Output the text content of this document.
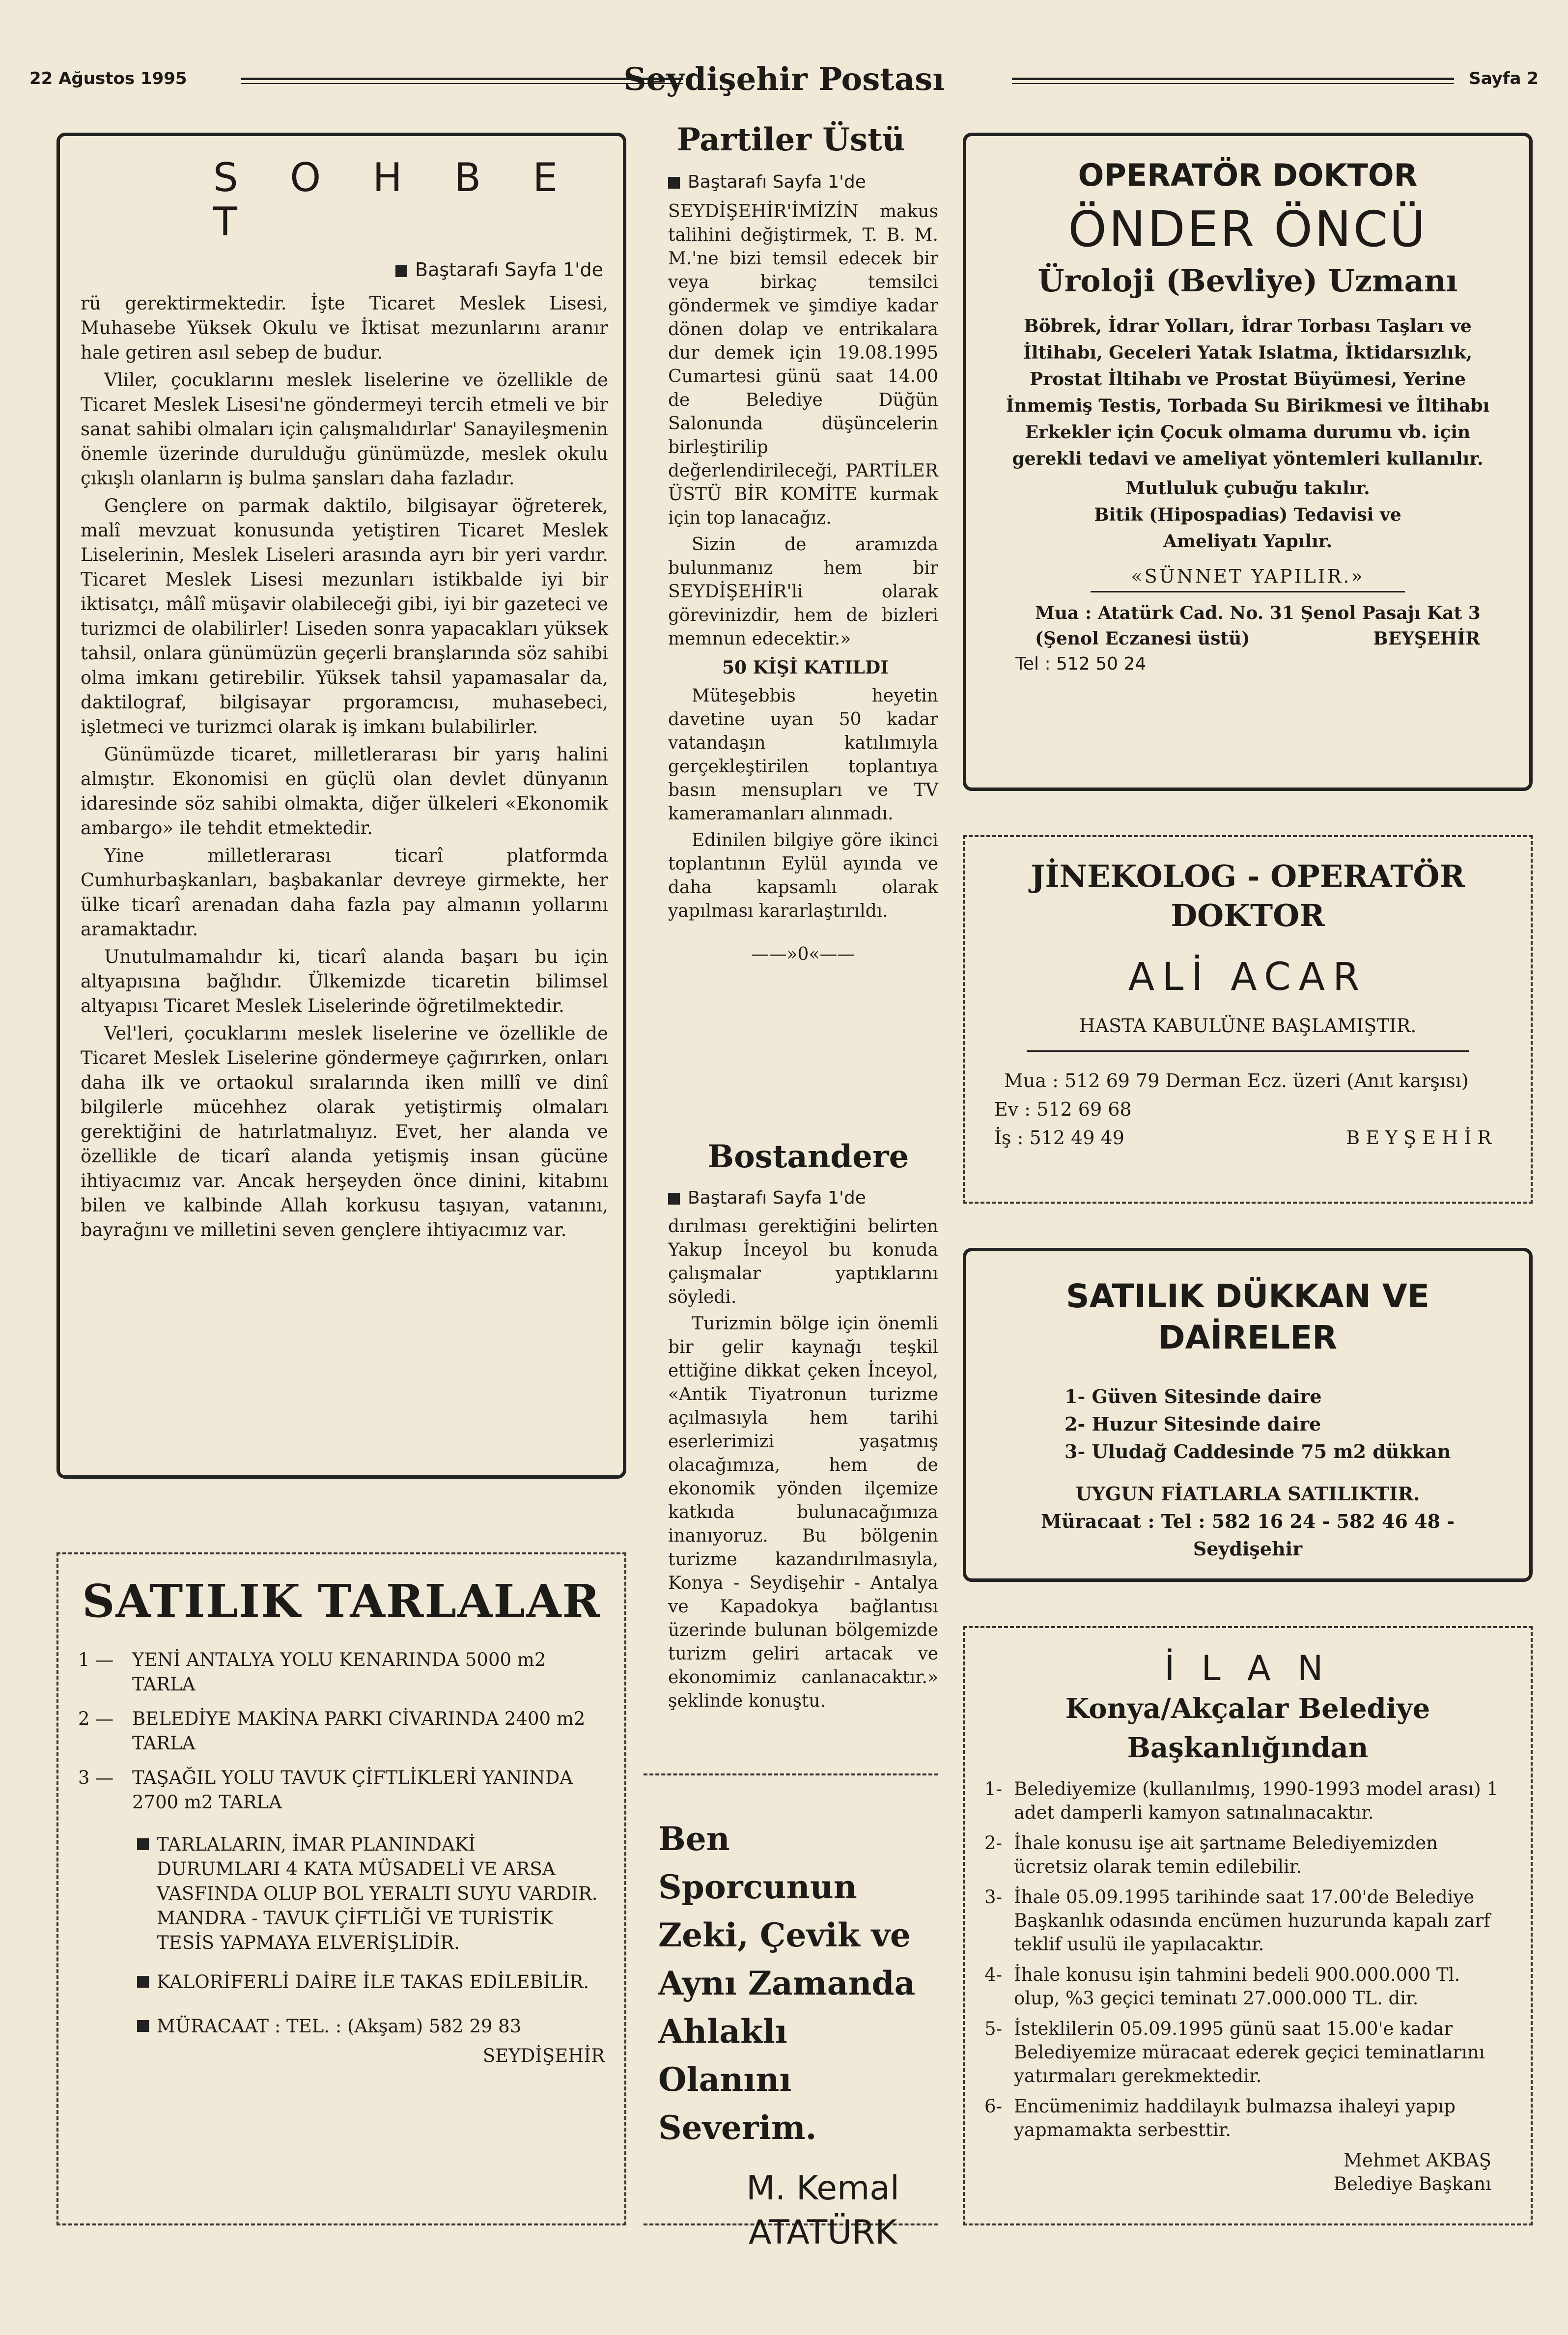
22 Ağustos 1995	Seydişehir Postası	Sayfa 2
S O H B E T
Baştarafı Sayfa 1'de

rü gerektirmektedir. İşte Ticaret Meslek Lisesi, Muhasebe Yüksek Okulu ve İktisat mezunlarını aranır hale getiren asıl sebep de budur.

Vliler, çocuklarını meslek liselerine ve özellikle de Ticaret Meslek Lisesi'ne göndermeyi tercih etmeli ve bir sanat sahibi olmaları için çalışmalıdırlar' Sanayileşmenin önemle üzerinde durulduğu günümüzde, meslek okulu çıkışlı olanların iş bulma şansları daha fazladır.

Gençlere on parmak daktilo, bilgisayar öğreterek, malî mevzuat konusunda yetiştiren Ticaret Meslek Liselerinin, Meslek Liseleri arasında ayrı bir yeri vardır. Ticaret Meslek Lisesi mezunları istikbalde iyi bir iktisatçı, mâlî müşavir olabileceği gibi, iyi bir gazeteci ve turizmci de olabilirler! Liseden sonra yapacakları yüksek tahsil, onlara günümüzün geçerli branşlarında söz sahibi olma imkanı getirebilir. Yüksek tahsil yapamasalar da, daktilograf, bilgisayar prgoramcısı, muhasebeci, işletmeci ve turizmci olarak iş imkanı bulabilirler.

Günümüzde ticaret, milletlerarası bir yarış halini almıştır. Ekonomisi en güçlü olan devlet dünyanın idaresinde söz sahibi olmakta, diğer ülkeleri «Ekonomik ambargo» ile tehdit etmektedir.

Yine milletlerarası ticarî platformda Cumhurbaşkanları, başbakanlar devreye girmekte, her ülke ticarî arenadan daha fazla pay almanın yollarını aramaktadır.

Unutulmamalıdır ki, ticarî alanda başarı bu için altyapısına bağlıdır. Ülkemizde ticaretin bilimsel altyapısı Ticaret Meslek Liselerinde öğretilmektedir.

Vel'leri, çocuklarını meslek liselerine ve özellikle de Ticaret Meslek Liselerine göndermeye çağırırken, onları daha ilk ve ortaokul sıralarında iken millî ve dinî bilgilerle mücehhez olarak yetiştirmiş olmaları gerektiğini de hatırlatmalıyız. Evet, her alanda ve özellikle de ticarî alanda yetişmiş insan gücüne ihtiyacımız var. Ancak herşeyden önce dinini, kitabını bilen ve kalbinde Allah korkusu taşıyan, vatanını, bayrağını ve milletini seven gençlere ihtiyacımız var.

SATILIK TARLALAR
1 —	YENİ ANTALYA YOLU KENARINDA 5000 m2 TARLA
2 —	BELEDİYE MAKİNA PARKI CİVARINDA 2400 m2 TARLA
3 —	TAŞAĞIL YOLU TAVUK ÇİFTLİKLERİ YANINDA 2700 m2 TARLA
TARLALARIN, İMAR PLANINDAKİ DURUMLARI 4 KATA MÜSADELİ VE ARSA VASFINDA OLUP BOL YERALTI SUYU VARDIR. MANDRA - TAVUK ÇİFTLİĞİ VE TURİSTİK TESİS YAPMAYA ELVERİŞLİDİR.
KALORİFERLİ DAİRE İLE TAKAS EDİLEBİLİR.
MÜRACAAT : TEL. : (Akşam) 582 29 83
SEYDİŞEHİR
Partiler Üstü
Baştarafı Sayfa 1'de

SEYDİŞEHİR'İMİZİN makus talihini değiştirmek, T. B. M. M.'ne bizi temsil edecek bir veya birkaç temsilci göndermek ve şimdiye kadar dönen dolap ve entrikalara dur demek için 19.08.1995 Cumartesi günü saat 14.00 de Belediye Düğün Salonunda düşüncelerin birleştirilip değerlendirileceği, PARTİLER ÜSTÜ BİR KOMİTE kurmak için top lanacağız.

Sizin de aramızda bulunmanız hem bir SEYDİŞEHİR'li olarak görevinizdir, hem de bizleri memnun edecektir.»

50 KİŞİ KATILDI

Müteşebbis heyetin davetine uyan 50 kadar vatandaşın katılımıyla gerçekleştirilen toplantıya basın mensupları ve TV kameramanları alınmadı.

Edinilen bilgiye göre ikinci toplantının Eylül ayında ve daha kapsamlı olarak yapılması kararlaştırıldı.

——»0«——
Bostandere
Baştarafı Sayfa 1'de

dırılması gerektiğini belirten Yakup İnceyol bu konuda çalışmalar yaptıklarını söyledi.

Turizmin bölge için önemli bir gelir kaynağı teşkil ettiğine dikkat çeken İnceyol, «Antik Tiyatronun turizme açılmasıyla hem tarihi eserlerimizi yaşatmış olacağımıza, hem de ekonomik yönden ilçemize katkıda bulunacağımıza inanıyoruz. Bu bölgenin turizme kazandırılmasıyla, Konya - Seydişehir - Antalya ve Kapadokya bağlantısı üzerinde bulunan bölgemizde turizm geliri artacak ve ekonomimiz canlanacaktır.» şeklinde konuştu.

Ben Sporcunun
Zeki, Çevik ve
Aynı Zamanda
Ahlaklı Olanını
Severim.
M. Kemal
ATATÜRK
OPERATÖR DOKTOR
ÖNDER ÖNCÜ
Üroloji (Bevliye) Uzmanı
Böbrek, İdrar Yolları, İdrar Torbası Taşları ve İltihabı, Geceleri Yatak Islatma, İktidarsızlık, Prostat İltihabı ve Prostat Büyümesi, Yerine İnmemiş Testis, Torbada Su Birikmesi ve İltihabı Erkekler için Çocuk olmama durumu vb. için gerekli tedavi ve ameliyat yöntemleri kullanılır.
Mutluluk çubuğu takılır.
Bitik (Hipospadias) Tedavisi ve Ameliyatı Yapılır.
«SÜNNET YAPILIR.»
Mua : Atatürk Cad. No. 31 Şenol Pasajı Kat 3
(Şenol Eczanesi üstü)	BEYŞEHİR
Tel : 512 50 24
JİNEKOLOG - OPERATÖR DOKTOR
ALİ ACAR
HASTA KABULÜNE BAŞLAMIŞTIR.
Mua : 512 69 79 Derman Ecz. üzeri (Anıt karşısı)
Ev : 512 69 68
İş : 512 49 49	B E Y Ş E H İ R
SATILIK DÜKKAN VE
DAİRELER
1- Güven Sitesinde daire
2- Huzur Sitesinde daire
3- Uludağ Caddesinde 75 m2 dükkan
UYGUN FİATLARLA SATILIKTIR.
Müracaat : Tel : 582 16 24 - 582 46 48 - Seydişehir
İ L A N
Konya/Akçalar Belediye Başkanlığından
1- Belediyemize (kullanılmış, 1990-1993 model arası) 1 adet damperli kamyon satınalınacaktır.
2- İhale konusu işe ait şartname Belediyemizden ücretsiz olarak temin edilebilir.
3- İhale 05.09.1995 tarihinde saat 17.00'de Belediye Başkanlık odasında encümen huzurunda kapalı zarf teklif usulü ile yapılacaktır.
4- İhale konusu işin tahmini bedeli 900.000.000 Tl. olup, %3 geçici teminatı 27.000.000 TL. dir.
5- İsteklilerin 05.09.1995 günü saat 15.00'e kadar Belediyemize müracaat ederek geçici teminatlarını yatırmaları gerekmektedir.
6- Encümenimiz haddilayık bulmazsa ihaleyi yapıp yapmamakta serbesttir.
Mehmet AKBAŞ
Belediye Başkanı
